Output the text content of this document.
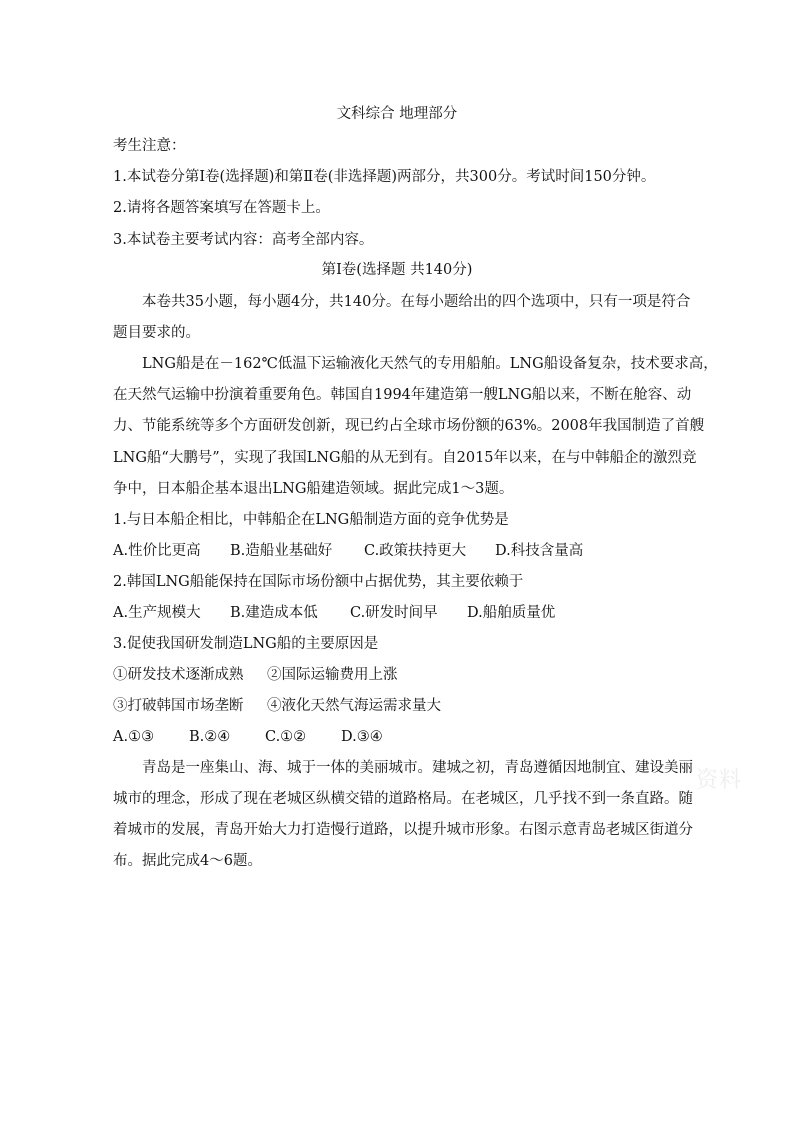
文科综合 地理部分
考生注意：
1.本试卷分第Ⅰ卷(选择题)和第Ⅱ卷(非选择题)两部分，共300分。考试时间150分钟。
2.请将各题答案填写在答题卡上。
3.本试卷主要考试内容：高考全部内容。
第Ⅰ卷(选择题 共140分)
本卷共35小题，每小题4分，共140分。在每小题给出的四个选项中，只有一项是符合
题目要求的。
LNG船是在－162℃低温下运输液化天然气的专用船舶。LNG船设备复杂，技术要求高，
在天然气运输中扮演着重要角色。韩国自1994年建造第一艘LNG船以来，不断在舱容、动
力、节能系统等多个方面研发创新，现已约占全球市场份额的63%。2008年我国制造了首艘
LNG船“大鹏号”，实现了我国LNG船的从无到有。自2015年以来，在与中韩船企的激烈竞
争中，日本船企基本退出LNG船建造领域。据此完成1～3题。
1.与日本船企相比，中韩船企在LNG船制造方面的竞争优势是
A.性价比更高 B.造船业基础好 C.政策扶持更大 D.科技含量高
2.韩国LNG船能保持在国际市场份额中占据优势，其主要依赖于
A.生产规模大 B.建造成本低 C.研发时间早 D.船舶质量优
3.促使我国研发制造LNG船的主要原因是
①研发技术逐渐成熟 ②国际运输费用上涨
③打破韩国市场垄断 ④液化天然气海运需求量大
A.①③ B.②④ C.①② D.③④
青岛是一座集山、海、城于一体的美丽城市。建城之初，青岛遵循因地制宜、建设美丽
城市的理念，形成了现在老城区纵横交错的道路格局。在老城区，几乎找不到一条直路。随
着城市的发展，青岛开始大力打造慢行道路，以提升城市形象。右图示意青岛老城区街道分
布。据此完成4～6题。
资料
